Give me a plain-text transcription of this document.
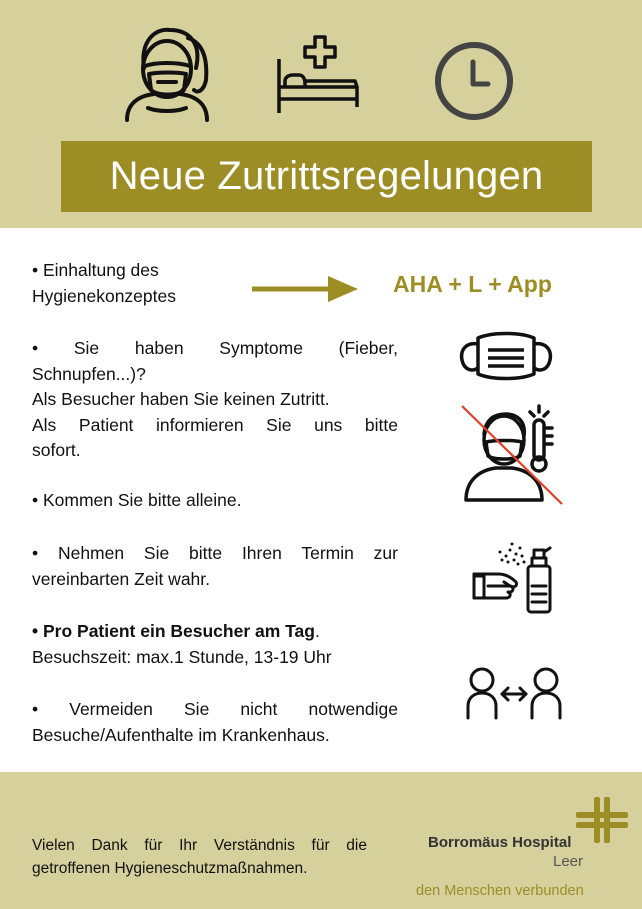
Neue Zutrittsregelungen

• Einhaltung des

Hygienekonzeptes	AHA + L + App

• Sie haben Symptome (Fieber,

Schnupfen...)?

Als Besucher haben Sie keinen Zutritt.

Als Patient informieren Sie uns bitte

sofort.

• Kommen Sie bitte alleine.

• Nehmen Sie bitte Ihren Termin zur

vereinbarten Zeit wahr.

• Pro Patient ein Besucher am Tag.

Besuchszeit: max.1 Stunde, 13-19 Uhr

• Vermeiden Sie nicht notwendige

Besuche/Aufenthalte im Krankenhaus.

Vielen Dank für Ihr Verständnis für die
getroffenen Hygieneschutzmaßnahmen.
Borromäus Hospital
Leer
den Menschen verbunden
